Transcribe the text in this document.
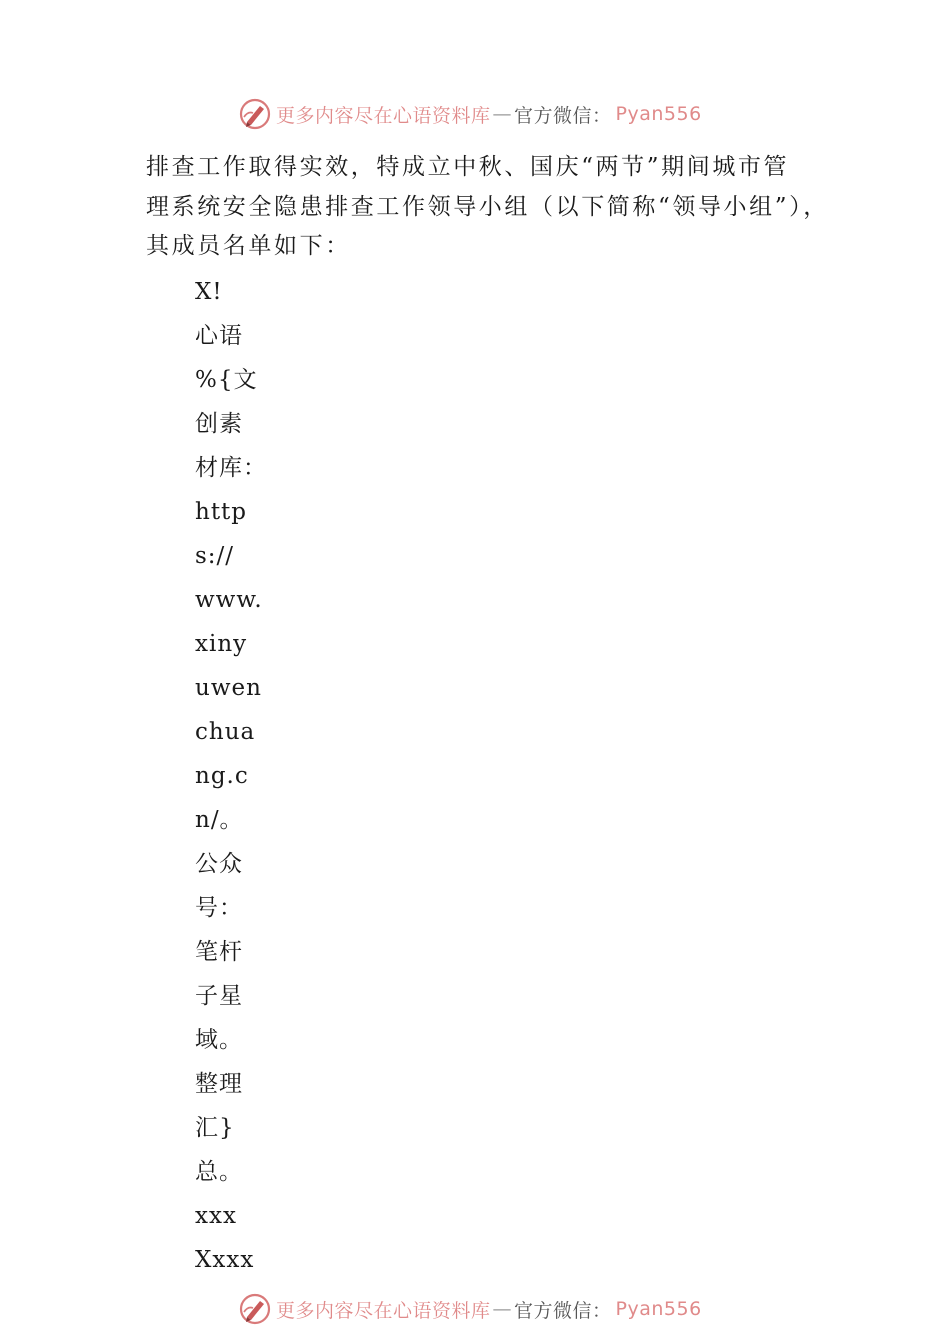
更多内容尽在心语资料库 — 官方微信： Pyan556
排查工作取得实效，特成立中秋、国庆“两节”期间城市管
理系统安全隐患排查工作领导小组（以下简称“领导小组”），
其成员名单如下：
X!
心语
%{文
创素
材库：
http
s://
www.
xiny
uwen
chua
ng.c
n/。
公众
号：
笔杆
子星
域。
整理
汇}
总。
xxx
Xxxx
更多内容尽在心语资料库 — 官方微信： Pyan556
